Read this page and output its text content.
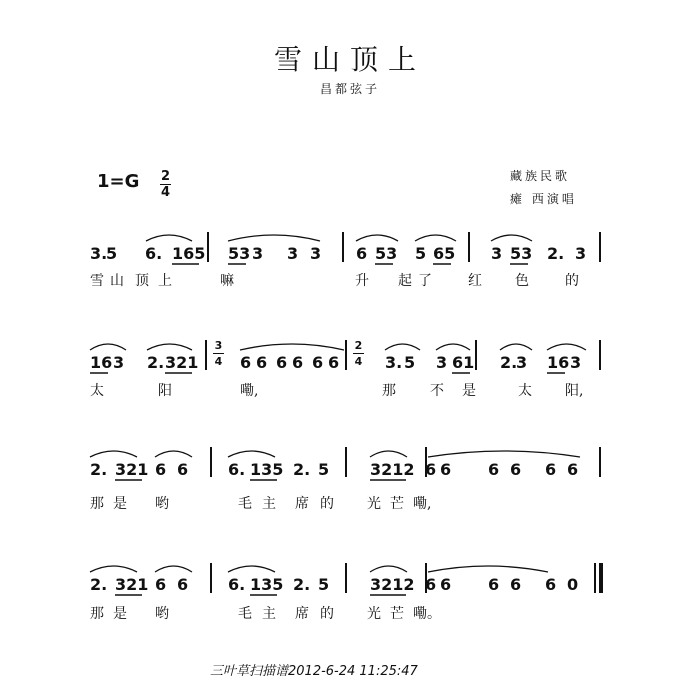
雪山顶上
昌都弦子
藏族民歌
瘫 西演唱
1=G 2
4
3.
5 6. 165 53 3 3 3 6 53 5 65 3 53 2. 3
雪 山 顶 上	嘛	升 起 了	红 色	的
16 3 2. 321
3
4 6 6 6 6 6 6
2
4 3. 5 3 61 2.
3 16 3
太	阳	嘞,	那 不 是	太 阳,
2. 321 6 6 6. 135 2. 5	3212 6 6 6 6 6 6
那 是 哟	毛 主 席 的 光 芒 嘞,
2. 321 6 6 6. 135 2. 5	3212 6 6 6 6 6 0
那 是 哟	毛 主 席 的 光 芒 嘞。
三叶草扫描谱2012-6-24 11:25:47
